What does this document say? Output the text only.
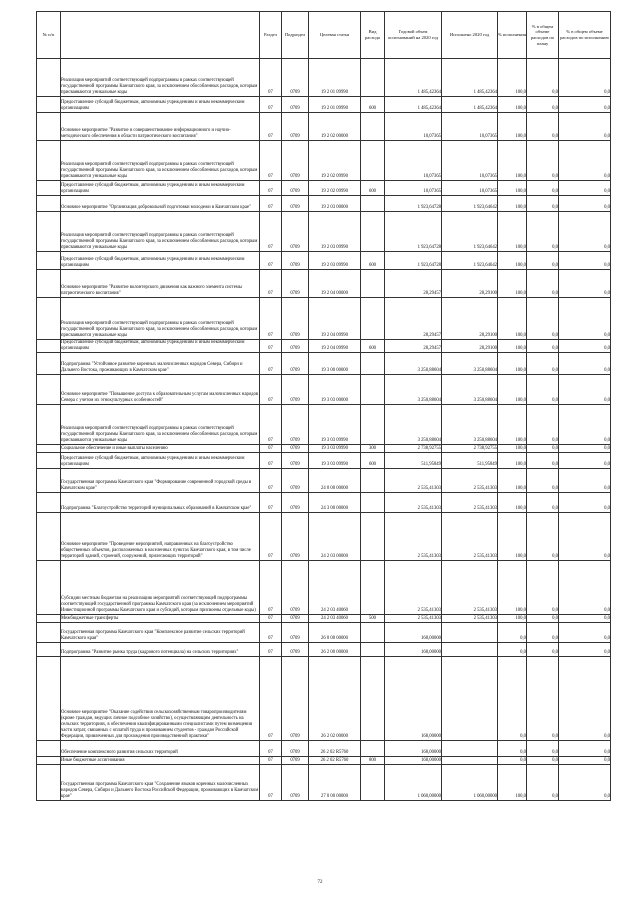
№ п/п		Раздел	Подраздел	Целевая статья	Вид расхода	Годовой объем ассигнований на 2020 год	Исполнено 2020 год	% исполнения	% в общем объеме расходов по плану	% в общем объеме расходов по исполнению
	Реализация мероприятий соответствующей подпрограммы в рамках соответствующей государственной программы Камчатского края, за исключением обособленных расходов, которым присваиваются уникальные коды	07	0709	19 2 01 09990		1 485,42364	1 485,42364	100,0	0,0	0,0
	Предоставление субсидий бюджетным, автономным учреждениям и иным некоммерческим организациям	07	0709	19 2 01 09990	600	1 485,42364	1 485,42364	100,0	0,0	0,0
	Основное мероприятие "Развитие и совершенствование информационного и научно-методического обеспечения в области патриотического воспитания"	07	0709	19 2 02 00000		10,07365	10,07365	100,0	0,0	0,0
	Реализация мероприятий соответствующей подпрограммы в рамках соответствующей государственной программы Камчатского края, за исключением обособленных расходов, которым присваиваются уникальные коды	07	0709	19 2 02 09990		10,07365	10,07365	100,0	0,0	0,0
	Предоставление субсидий бюджетным, автономным учреждениям и иным некоммерческим организациям	07	0709	19 2 02 09990	600	10,07365	10,07365	100,0	0,0	0,0
	Основное мероприятие "Организация добровольной подготовки молодежи в Камчатском крае"	07	0709	19 2 03 00000		1 923,64728	1 923,64642	100,0	0,0	0,0
	Реализация мероприятий соответствующей подпрограммы в рамках соответствующей государственной программы Камчатского края, за исключением обособленных расходов, которым присваиваются уникальные коды	07	0709	19 2 03 09990		1 923,64728	1 923,64642	100,0	0,0	0,0
	Предоставление субсидий бюджетным, автономным учреждениям и иным некоммерческим организациям	07	0709	19 2 03 09990	600	1 923,64728	1 923,64642	100,0	0,0	0,0
	Основное мероприятие "Развитие волонтерского движения как важного элемента системы патриотического воспитания"	07	0709	19 2 04 00000		28,29457	28,29100	100,0	0,0	0,0
	Реализация мероприятий соответствующей подпрограммы в рамках соответствующей государственной программы Камчатского края, за исключением обособленных расходов, которым присваиваются уникальные коды	07	0709	19 2 04 09990		28,29457	28,29100	100,0	0,0	0,0
	Предоставление субсидий бюджетным, автономным учреждениям и иным некоммерческим организациям	07	0709	19 2 04 09990	600	28,29457	28,29100	100,0	0,0	0,0
	Подпрограмма "Устойчивое развитие коренных малочисленных народов Севера, Сибири и Дальнего Востока, проживающих в Камчатском крае"	07	0709	19 3 00 00000		3 250,88604	3 250,88604	100,0	0,0	0,0
	Основное мероприятие "Повышение доступа к образовательным услугам малочисленных народов Севера с учетом их этнокультурных особенностей"	07	0709	19 3 03 00000		3 250,88604	3 250,88604	100,0	0,0	0,0
	Реализация мероприятий соответствующей подпрограммы в рамках соответствующей государственной программы Камчатского края, за исключением обособленных расходов, которым присваиваются уникальные коды	07	0709	19 3 03 09990		3 250,88604	3 250,88604	100,0	0,0	0,0
	Социальное обеспечение и иные выплаты населению	07	0709	19 3 03 09990	300	2 738,92755	2 738,92755	100,0	0,0	0,0
	Предоставление субсидий бюджетным, автономным учреждениям и иным некоммерческим организациям	07	0709	19 3 03 09990	600	511,95849	511,95849	100,0	0,0	0,0
	Государственная программа Камчатского края "Формирование современной городской среды в Камчатском крае"	07	0709	24 0 00 00000		2 535,41303	2 535,41303	100,0	0,0	0,0
	Подпрограмма "Благоустройство территорий муниципальных образований в Камчатском крае"	07	0709	24 3 00 00000		2 535,41303	2 535,41303	100,0	0,0	0,0
	Основное мероприятие "Проведение мероприятий, направленных на благоустройство общественных объектов, расположенных в населенных пунктах Камчатского края, в том числе территорий зданий, строений, сооружений, прилегающих территорий"	07	0709	24 2 03 00000		2 535,41303	2 535,41303	100,0	0,0	0,0
	Субсидии местным бюджетам на реализацию мероприятий соответствующей подпрограммы соответствующей государственной программы Камчатского края (за исключением мероприятий Инвестиционной программы Камчатского края и субсидий, которым присвоены отдельные коды)	07	0709	24 2 03 40060		2 535,41303	2 535,41303	100,0	0,0	0,0
	Межбюджетные трансферты	07	0709	24 2 03 40060	500	2 535,41303	2 535,41303	100,0	0,0	0,0
	Государственная программа Камчатского края "Комплексное развитие сельских территорий Камчатского края"	07	0709	26 0 00 00000		168,00000		0,0	0,0	0,0
	Подпрограмма "Развитие рынка труда (кадрового потенциала) на сельских территориях"	07	0709	26 2 00 00000		168,00000		0,0	0,0	0,0
	Основное мероприятие "Оказание содействия сельскохозяйственным товаропроизводителям (кроме граждан, ведущих личное подсобное хозяйство), осуществляющим деятельность на сельских территориях, в обеспечении квалифицированными специалистами путем возмещения части затрат, связанных с оплатой труда и проживанием студентов - граждан Российской Федерации, привлеченных для прохождения производственной практики"	07	0709	26 2 02 00000		168,00000		0,0	0,0	0,0
	Обеспечение комплексного развития сельских территорий	07	0709	26 2 02 R5760		168,00000		0,0	0,0	0,0
	Иные бюджетные ассигнования	07	0709	26 2 02 R5760	800	168,00000		0,0	0,0	0,0
	Государственная программа Камчатского края "Сохранение языков коренных малочисленных народов Севера, Сибири и Дальнего Востока Российской Федерации, проживающих в Камчатском крае"	07	0709	27 0 00 00000		1 060,00000	1 060,00000	100,0	0,0	0,0
72
